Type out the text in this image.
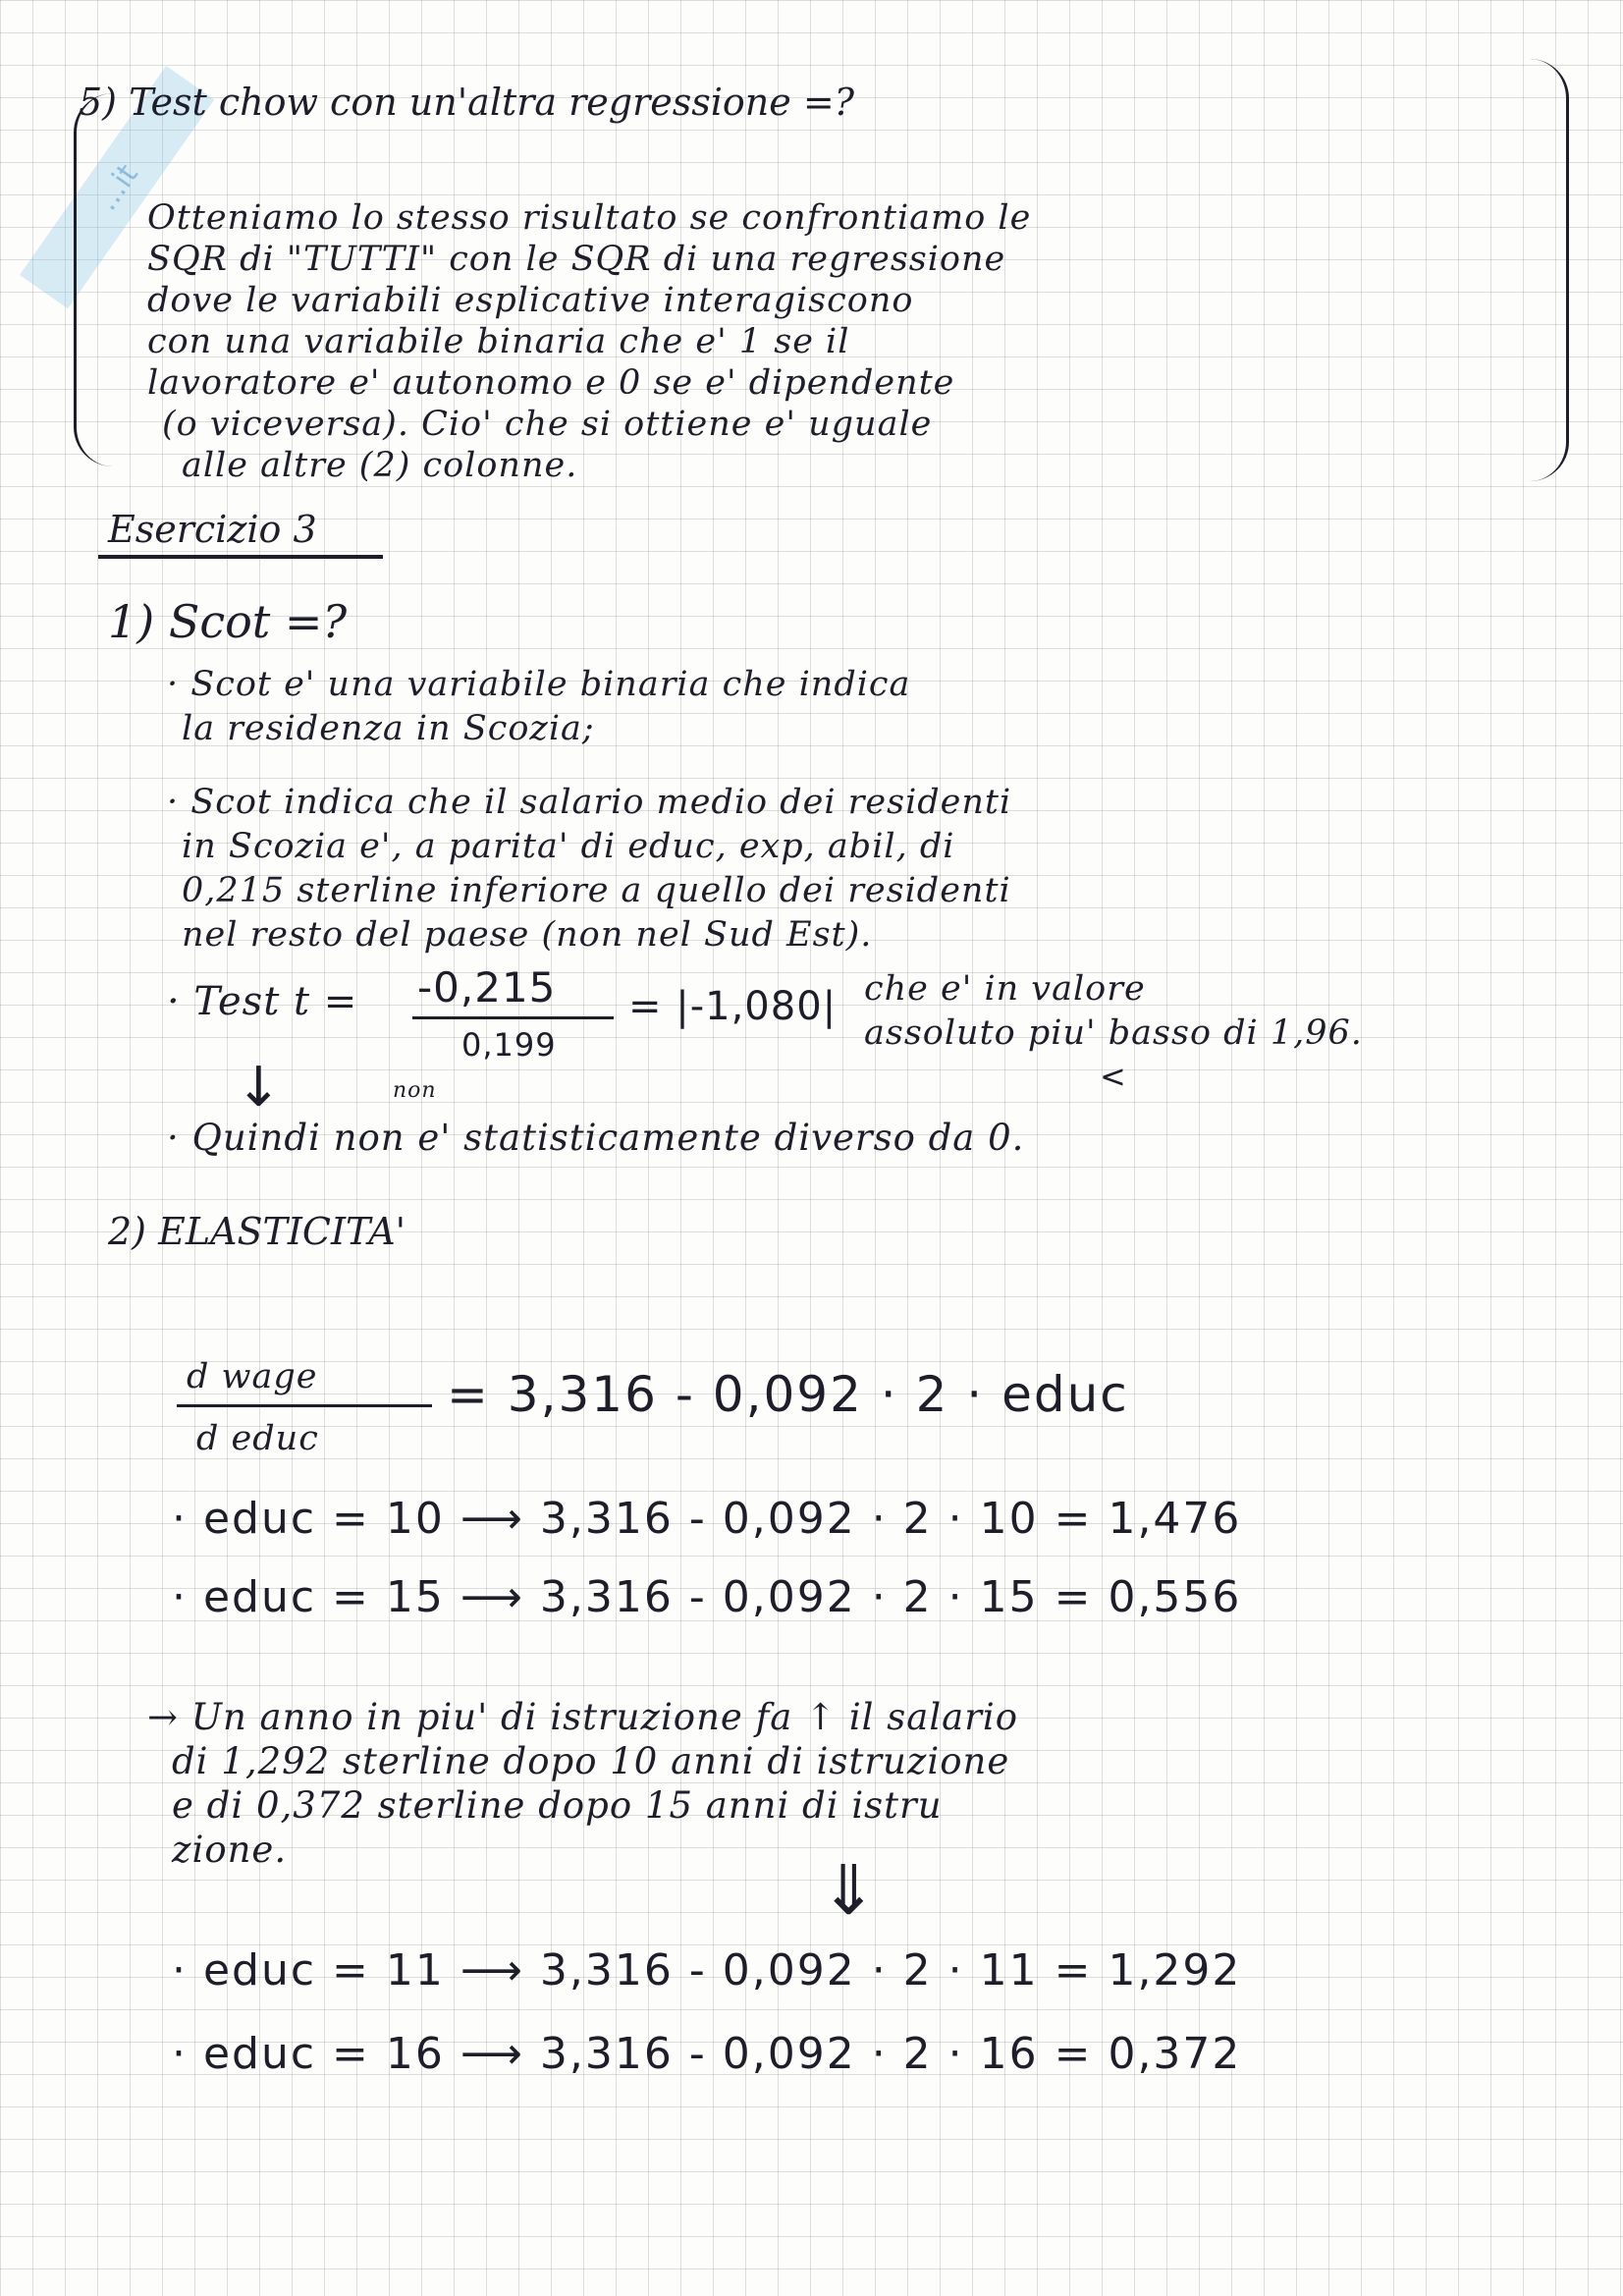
...it
5) Test chow con un'altra regressione =?
Otteniamo lo stesso risultato se confrontiamo le
SQR di "TUTTI" con le SQR di una regressione
dove le variabili esplicative interagiscono
con una variabile binaria che e' 1 se il
lavoratore e' autonomo e 0 se e' dipendente
(o viceversa). Cio' che si ottiene e' uguale
alle altre (2) colonne.
Esercizio 3
1) Scot =?
· Scot e' una variabile binaria che indica
la residenza in Scozia;
· Scot indica che il salario medio dei residenti
in Scozia e', a parita' di educ, exp, abil, di
0,215 sterline inferiore a quello dei residenti
nel resto del paese (non nel Sud Est).
· Test t = -0,215
0,199
= |-1,080| che e' in valore
assoluto piu' basso di 1,96.
<
↓	non
· Quindi non e' statisticamente diverso da 0.
2) ELASTICITA'
d wage
d educ
= 3,316 - 0,092 · 2 · educ
· educ = 10 ⟶ 3,316 - 0,092 · 2 · 10 = 1,476
· educ = 15 ⟶ 3,316 - 0,092 · 2 · 15 = 0,556
→ Un anno in piu' di istruzione fa ↑ il salario
di 1,292 sterline dopo 10 anni di istruzione
e di 0,372 sterline dopo 15 anni di istru
zione.
⇓
· educ = 11 ⟶ 3,316 - 0,092 · 2 · 11 = 1,292
· educ = 16 ⟶ 3,316 - 0,092 · 2 · 16 = 0,372
